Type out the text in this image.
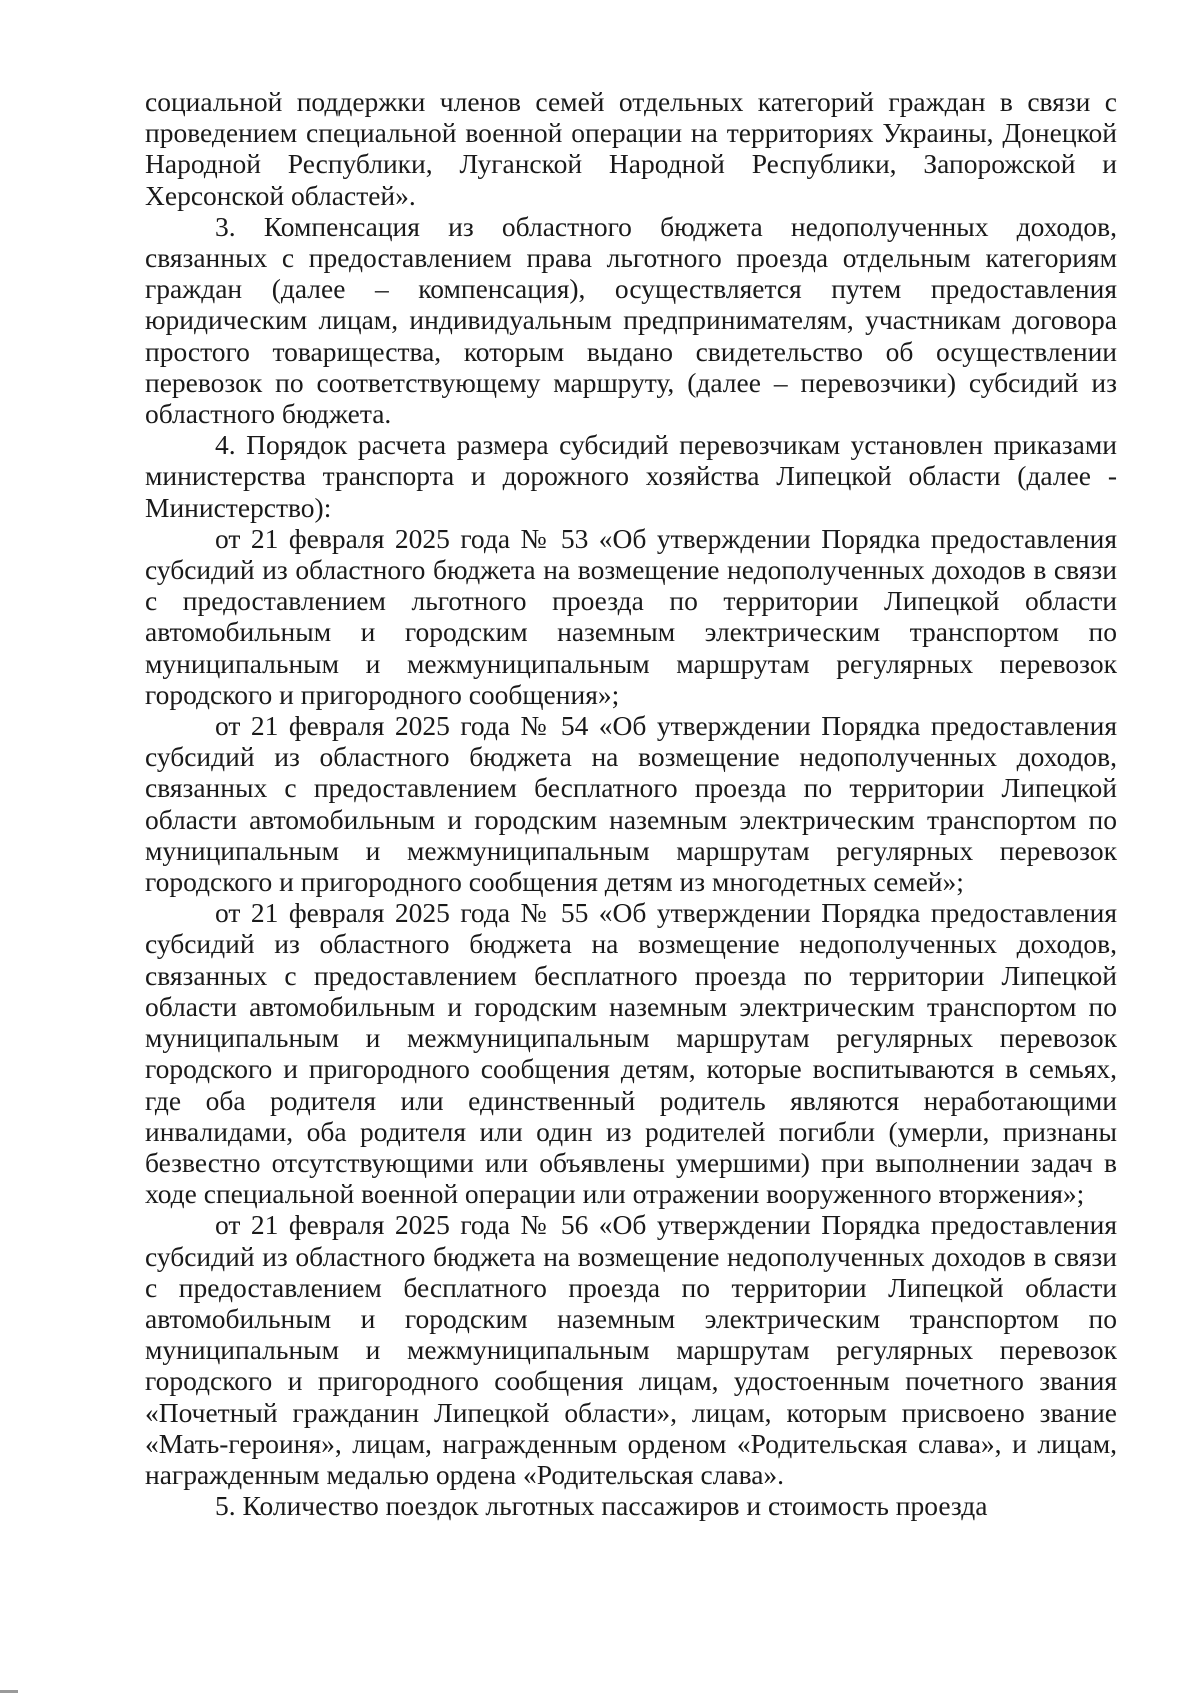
социальной поддержки членов семей отдельных категорий граждан в связи с проведением специальной военной операции на территориях Украины, Донецкой Народной Республики, Луганской Народной Республики, Запорожской и Херсонской областей».

3. Компенсация из областного бюджета недополученных доходов, связанных с предоставлением права льготного проезда отдельным категориям граждан (далее – компенсация), осуществляется путем предоставления юридическим лицам, индивидуальным предпринимателям, участникам договора простого товарищества, которым выдано свидетельство об осуществлении перевозок по соответствующему маршруту, (далее – перевозчики) субсидий из областного бюджета.

4. Порядок расчета размера субсидий перевозчикам установлен приказами министерства транспорта и дорожного хозяйства Липецкой области (далее - Министерство):

от 21 февраля 2025 года № 53 «Об утверждении Порядка предоставления субсидий из областного бюджета на возмещение недополученных доходов в связи с предоставлением льготного проезда по территории Липецкой области автомобильным и городским наземным электрическим транспортом по муниципальным и межмуниципальным маршрутам регулярных перевозок городского и пригородного сообщения»;

от 21 февраля 2025 года № 54 «Об утверждении Порядка предоставления субсидий из областного бюджета на возмещение недополученных доходов, связанных с предоставлением бесплатного проезда по территории Липецкой области автомобильным и городским наземным электрическим транспортом по муниципальным и межмуниципальным маршрутам регулярных перевозок городского и пригородного сообщения детям из многодетных семей»;

от 21 февраля 2025 года № 55 «Об утверждении Порядка предоставления субсидий из областного бюджета на возмещение недополученных доходов, связанных с предоставлением бесплатного проезда по территории Липецкой области автомобильным и городским наземным электрическим транспортом по муниципальным и межмуниципальным маршрутам регулярных перевозок городского и пригородного сообщения детям, которые воспитываются в семьях, где оба родителя или единственный родитель являются неработающими инвалидами, оба родителя или один из родителей погибли (умерли, признаны безвестно отсутствующими или объявлены умершими) при выполнении задач в ходе специальной военной операции или отражении вооруженного вторжения»;

от 21 февраля 2025 года № 56 «Об утверждении Порядка предоставления субсидий из областного бюджета на возмещение недополученных доходов в связи с предоставлением бесплатного проезда по территории Липецкой области автомобильным и городским наземным электрическим транспортом по муниципальным и межмуниципальным маршрутам регулярных перевозок городского и пригородного сообщения лицам, удостоенным почетного звания «Почетный гражданин Липецкой области», лицам, которым присвоено звание «Мать-героиня», лицам, награжденным орденом «Родительская слава», и лицам, награжденным медалью ордена «Родительская слава».

5. Количество поездок льготных пассажиров и стоимость проезда
